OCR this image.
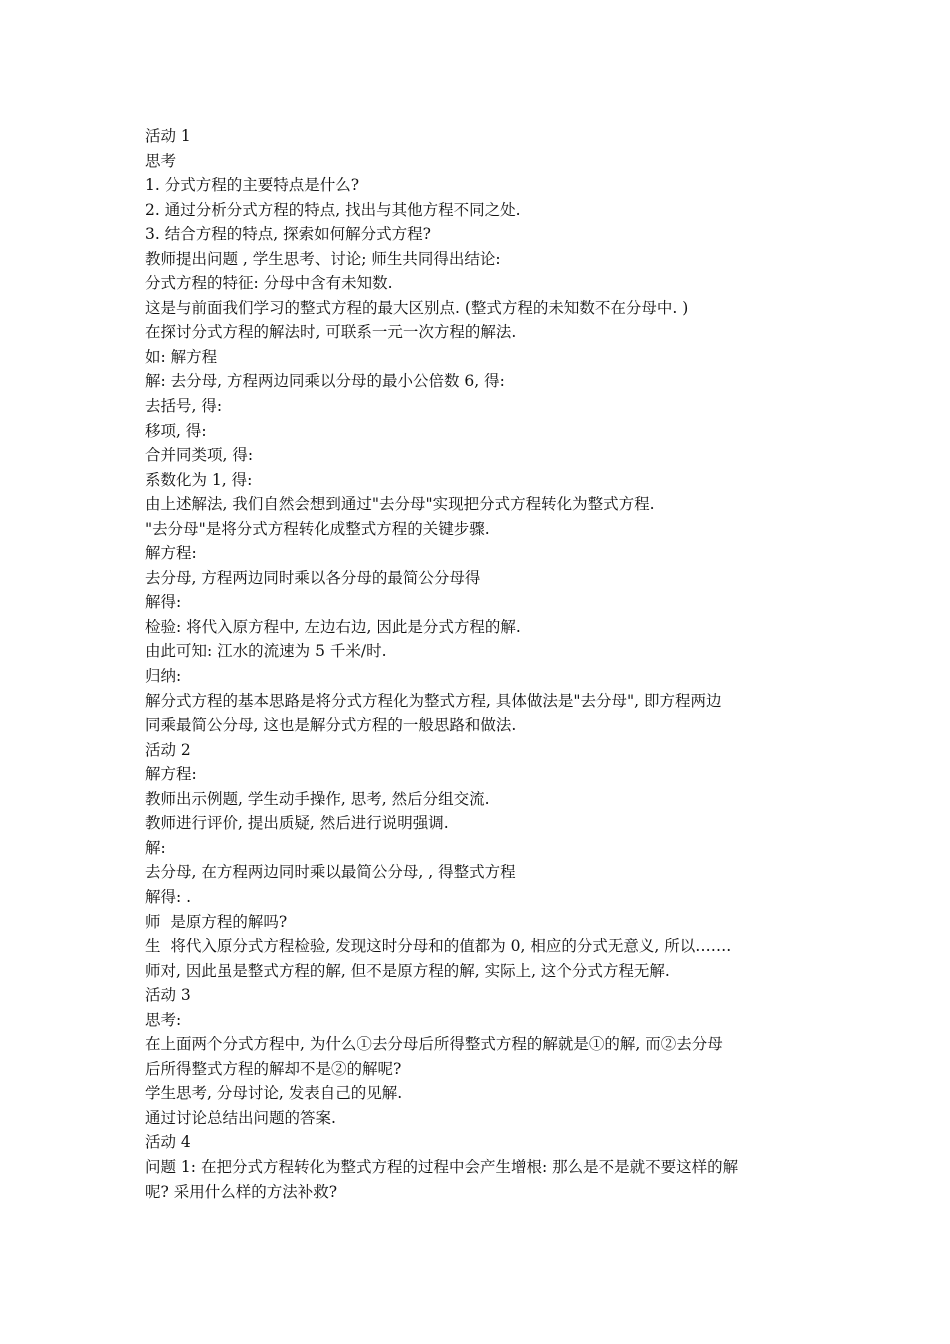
活动 1

思考

1. 分式方程的主要特点是什么?

2. 通过分析分式方程的特点, 找出与其他方程不同之处.

3. 结合方程的特点, 探索如何解分式方程?

教师提出问题 , 学生思考、讨论; 师生共同得出结论:

分式方程的特征: 分母中含有未知数.

这是与前面我们学习的整式方程的最大区别点. (整式方程的未知数不在分母中. )

在探讨分式方程的解法时, 可联系一元一次方程的解法.

如: 解方程

解: 去分母, 方程两边同乘以分母的最小公倍数 6, 得:

去括号, 得:

移项, 得:

合并同类项, 得:

系数化为 1, 得:

由上述解法, 我们自然会想到通过"去分母"实现把分式方程转化为整式方程.

"去分母"是将分式方程转化成整式方程的关键步骤.

解方程:

去分母, 方程两边同时乘以各分母的最简公分母得

解得:

检验: 将代入原方程中, 左边右边, 因此是分式方程的解.

由此可知: 江水的流速为 5 千米/时.

归纳:

解分式方程的基本思路是将分式方程化为整式方程, 具体做法是"去分母", 即方程两边

同乘最简公分母, 这也是解分式方程的一般思路和做法.

活动 2

解方程:

教师出示例题, 学生动手操作, 思考, 然后分组交流.

教师进行评价, 提出质疑, 然后进行说明强调.

解:

去分母, 在方程两边同时乘以最简公分母, , 得整式方程

解得: .

师  是原方程的解吗?

生  将代入原分式方程检验, 发现这时分母和的值都为 0, 相应的分式无意义, 所以…….

师对, 因此虽是整式方程的解, 但不是原方程的解, 实际上, 这个分式方程无解.

活动 3

思考:

在上面两个分式方程中, 为什么①去分母后所得整式方程的解就是①的解, 而②去分母

后所得整式方程的解却不是②的解呢?

学生思考, 分母讨论, 发表自己的见解.

通过讨论总结出问题的答案.

活动 4

问题 1: 在把分式方程转化为整式方程的过程中会产生增根: 那么是不是就不要这样的解

呢? 采用什么样的方法补救?
